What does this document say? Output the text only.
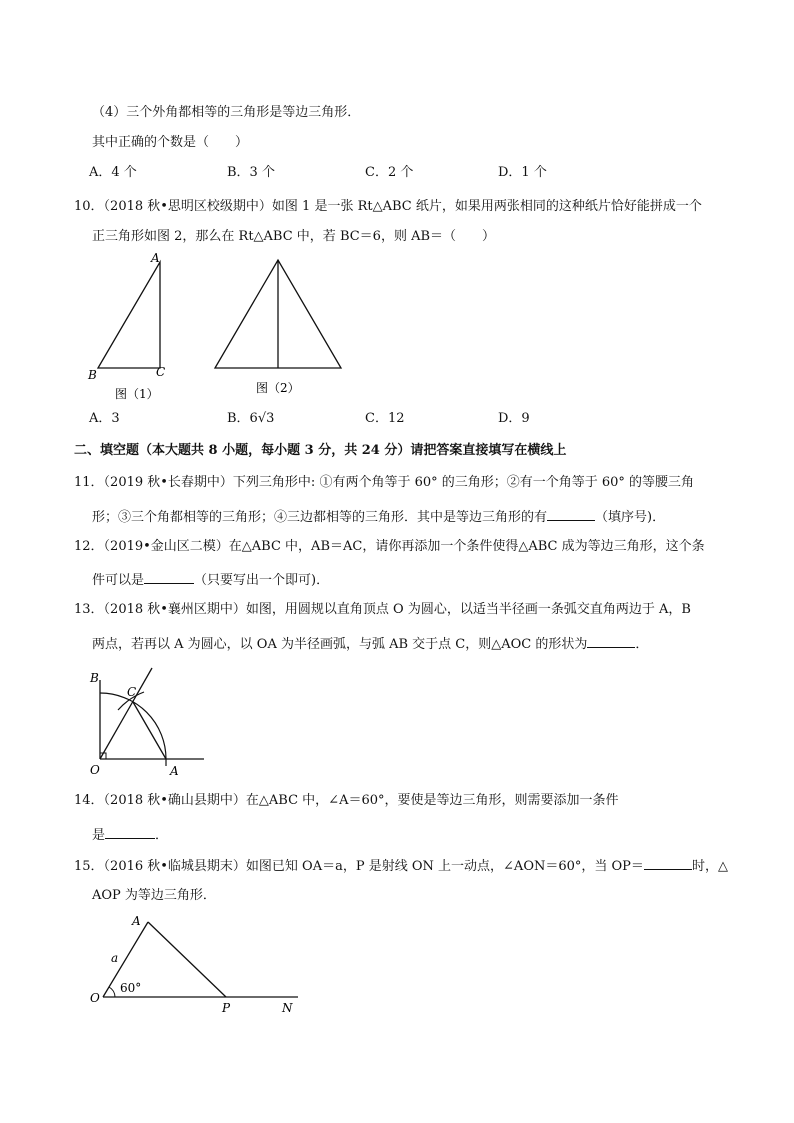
（4）三个外角都相等的三角形是等边三角形．
其中正确的个数是（　　）
A．4 个	B．3 个	C．2 个	D．1 个
10．（2018 秋•思明区校级期中）如图 1 是一张 Rt△ABC 纸片，如果用两张相同的这种纸片恰好能拼成一个
正三角形如图 2，那么在 Rt△ABC 中，若 BC＝6，则 AB＝（　　）
A
B	C
图（1）	图（2）
A．3	B．6√3	C．12	D．9
二、填空题（本大题共 8 小题，每小题 3 分，共 24 分）请把答案直接填写在横线上
11．（2019 秋•长春期中）下列三角形中: ①有两个角等于 60° 的三角形；②有一个角等于 60° 的等腰三角
形；③三个角都相等的三角形；④三边都相等的三角形．其中是等边三角形的有	（填序号)．
12．（2019•金山区二模）在△ABC 中，AB＝AC，请你再添加一个条件使得△ABC 成为等边三角形，这个条
件可以是	（只要写出一个即可)．
13．（2018 秋•襄州区期中）如图，用圆规以直角顶点 O 为圆心，以适当半径画一条弧交直角两边于 A，B
两点，若再以 A 为圆心，以 OA 为半径画弧，与弧 AB 交于点 C，则△AOC 的形状为	．
B
C
O	A
14．（2018 秋•确山县期中）在△ABC 中，∠A＝60°，要使是等边三角形，则需要添加一条件
是	．
15．（2016 秋•临城县期末）如图已知 OA＝a，P 是射线 ON 上一动点，∠AON＝60°，当 OP＝	时，△
AOP 为等边三角形．
A
a
O
60°
P	N
